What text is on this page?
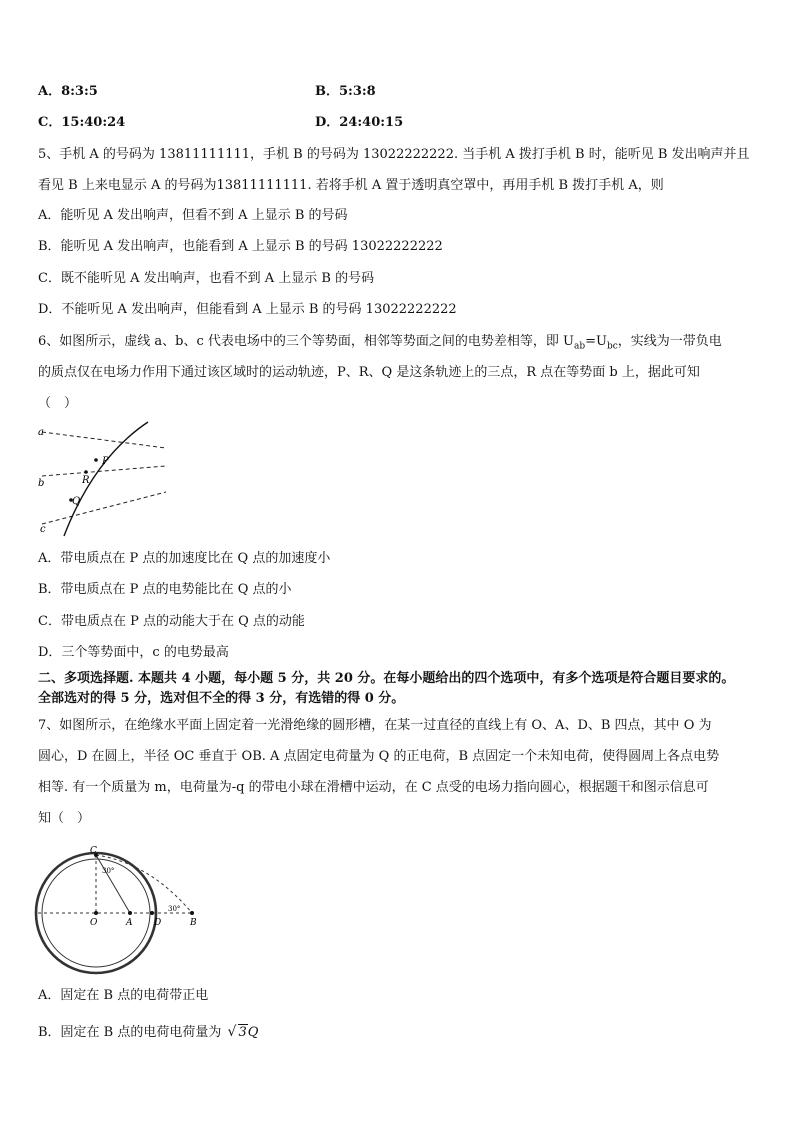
A．8:3:5	B．5:3:8
C．15:40:24	D．24:40:15
5、手机 A 的号码为 13811111111，手机 B 的号码为 13022222222. 当手机 A 拨打手机 B 时，能听见 B 发出响声并且
看见 B 上来电显示 A 的号码为13811111111. 若将手机 A 置于透明真空罩中，再用手机 B 拨打手机 A，则
A．能听见 A 发出响声，但看不到 A 上显示 B 的号码
B．能听见 A 发出响声，也能看到 A 上显示 B 的号码 13022222222
C．既不能听见 A 发出响声，也看不到 A 上显示 B 的号码
D．不能听见 A 发出响声，但能看到 A 上显示 B 的号码 13022222222
6、如图所示，虚线 a、b、c 代表电场中的三个等势面，相邻等势面之间的电势差相等，即 $U_{ab}=U_{bc}$，实线为一带负电
的质点仅在电场力作用下通过该区域时的运动轨迹，P、R、Q 是这条轨迹上的三点，R 点在等势面 b 上，据此可知
（　）
a
b
c
P
R
Q
A．带电质点在 P 点的加速度比在 Q 点的加速度小
B．带电质点在 P 点的电势能比在 Q 点的小
C．带电质点在 P 点的动能大于在 Q 点的动能
D．三个等势面中，c 的电势最高
二、多项选择题. 本题共 4 小题，每小题 5 分，共 20 分。在每小题给出的四个选项中，有多个选项是符合题目要求的。
全部选对的得 5 分，选对但不全的得 3 分，有选错的得 0 分。
7、如图所示，在绝缘水平面上固定着一光滑绝缘的圆形槽，在某一过直径的直线上有 O、A、D、B 四点，其中 O 为
圆心，D 在圆上，半径 OC 垂直于 OB. A 点固定电荷量为 Q 的正电荷，B 点固定一个未知电荷，使得圆周上各点电势
相等. 有一个质量为 m，电荷量为-q 的带电小球在滑槽中运动，在 C 点受的电场力指向圆心，根据题干和图示信息可
知（　）
C
O	A D	B
30°
30°
A．固定在 B 点的电荷带正电
B．固定在 B 点的电荷电荷量为 √ 3Q
